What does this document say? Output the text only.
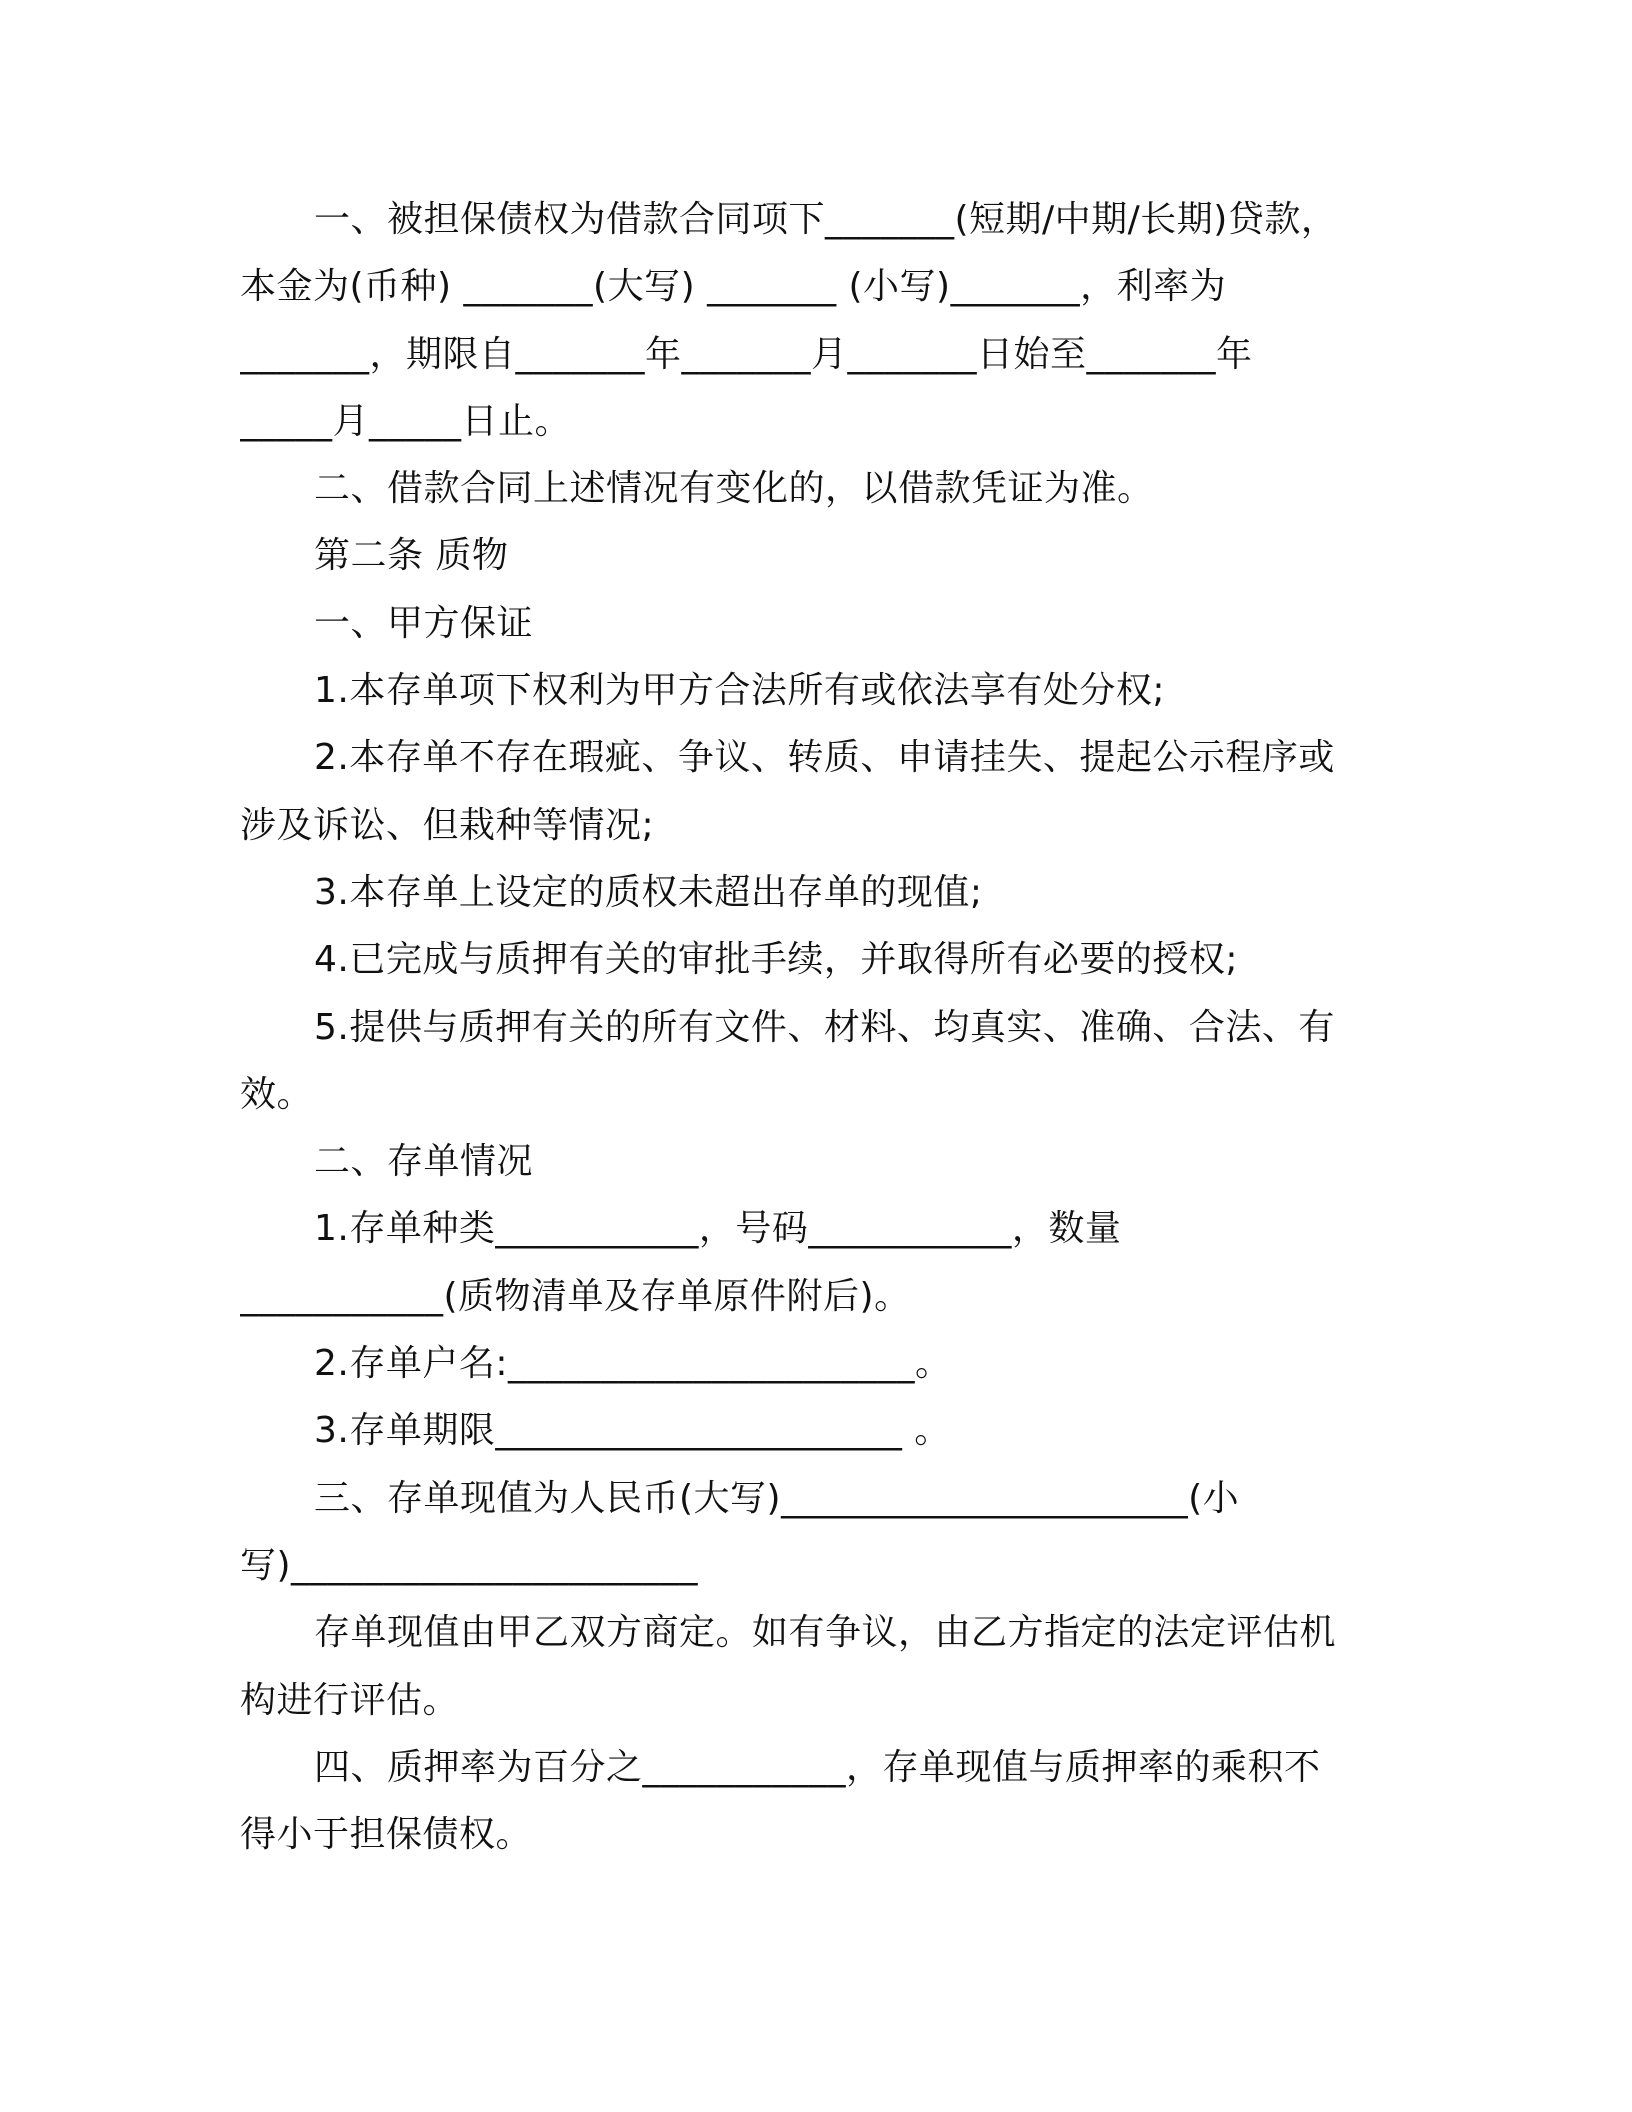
一、被担保债权为借款合同项下_______(短期/中期/长期)贷款，
本金为(币种) _______(大写) _______ (小写)_______，利率为
_______，期限自_______年_______月_______日始至_______年
_____月_____日止。
二、借款合同上述情况有变化的，以借款凭证为准。
第二条 质物
一、甲方保证
1.本存单项下权利为甲方合法所有或依法享有处分权;
2.本存单不存在瑕疵、争议、转质、申请挂失、提起公示程序或
涉及诉讼、但栽种等情况;
3.本存单上设定的质权未超出存单的现值;
4.已完成与质押有关的审批手续，并取得所有必要的授权;
5.提供与质押有关的所有文件、材料、均真实、准确、合法、有
效。
二、存单情况
1.存单种类___________，号码___________，数量
___________(质物清单及存单原件附后)。
2.存单户名:______________________。
3.存单期限______________________ 。
三、存单现值为人民币(大写)______________________(小
写)______________________
存单现值由甲乙双方商定。如有争议，由乙方指定的法定评估机
构进行评估。
四、质押率为百分之___________，存单现值与质押率的乘积不
得小于担保债权。
